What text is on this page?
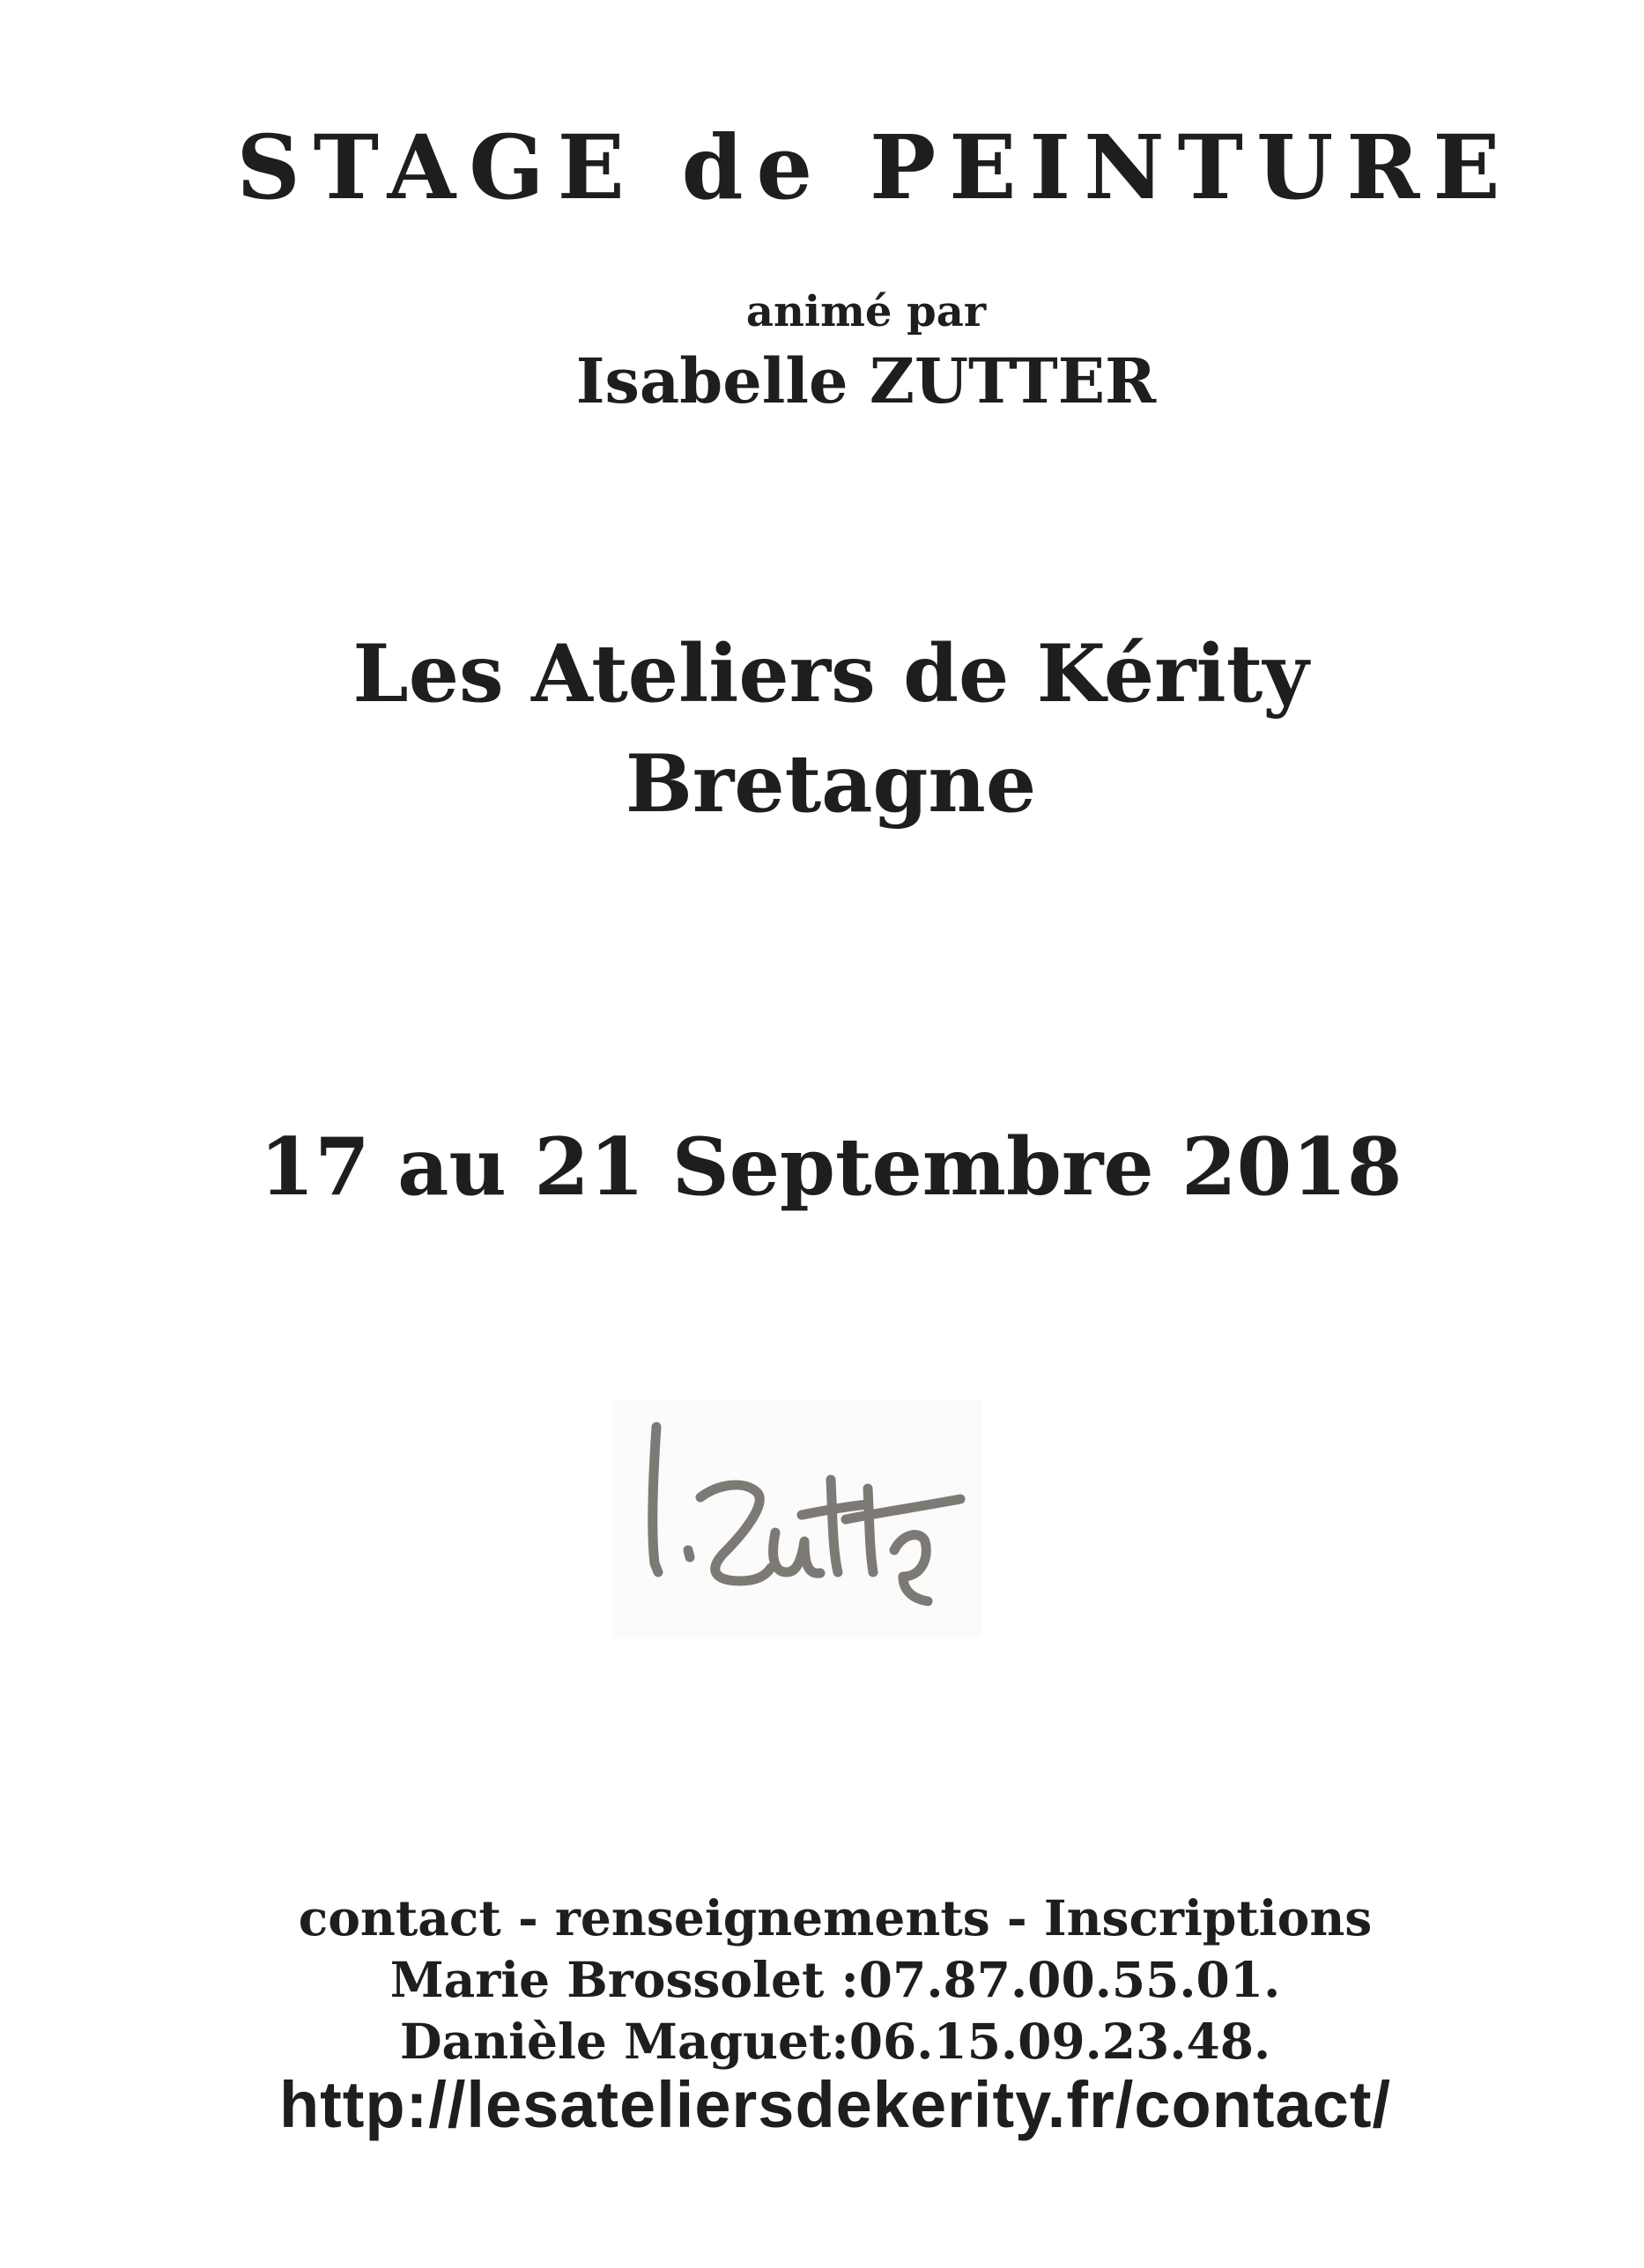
STAGE de PEINTURE
animé par
Isabelle ZUTTER
Les Ateliers de Kérity
Bretagne
17 au 21 Septembre 2018
contact - renseignements - Inscriptions
Marie Brossolet :07.87.00.55.01.
Danièle Maguet:06.15.09.23.48.
http://lesateliersdekerity.fr/contact/
